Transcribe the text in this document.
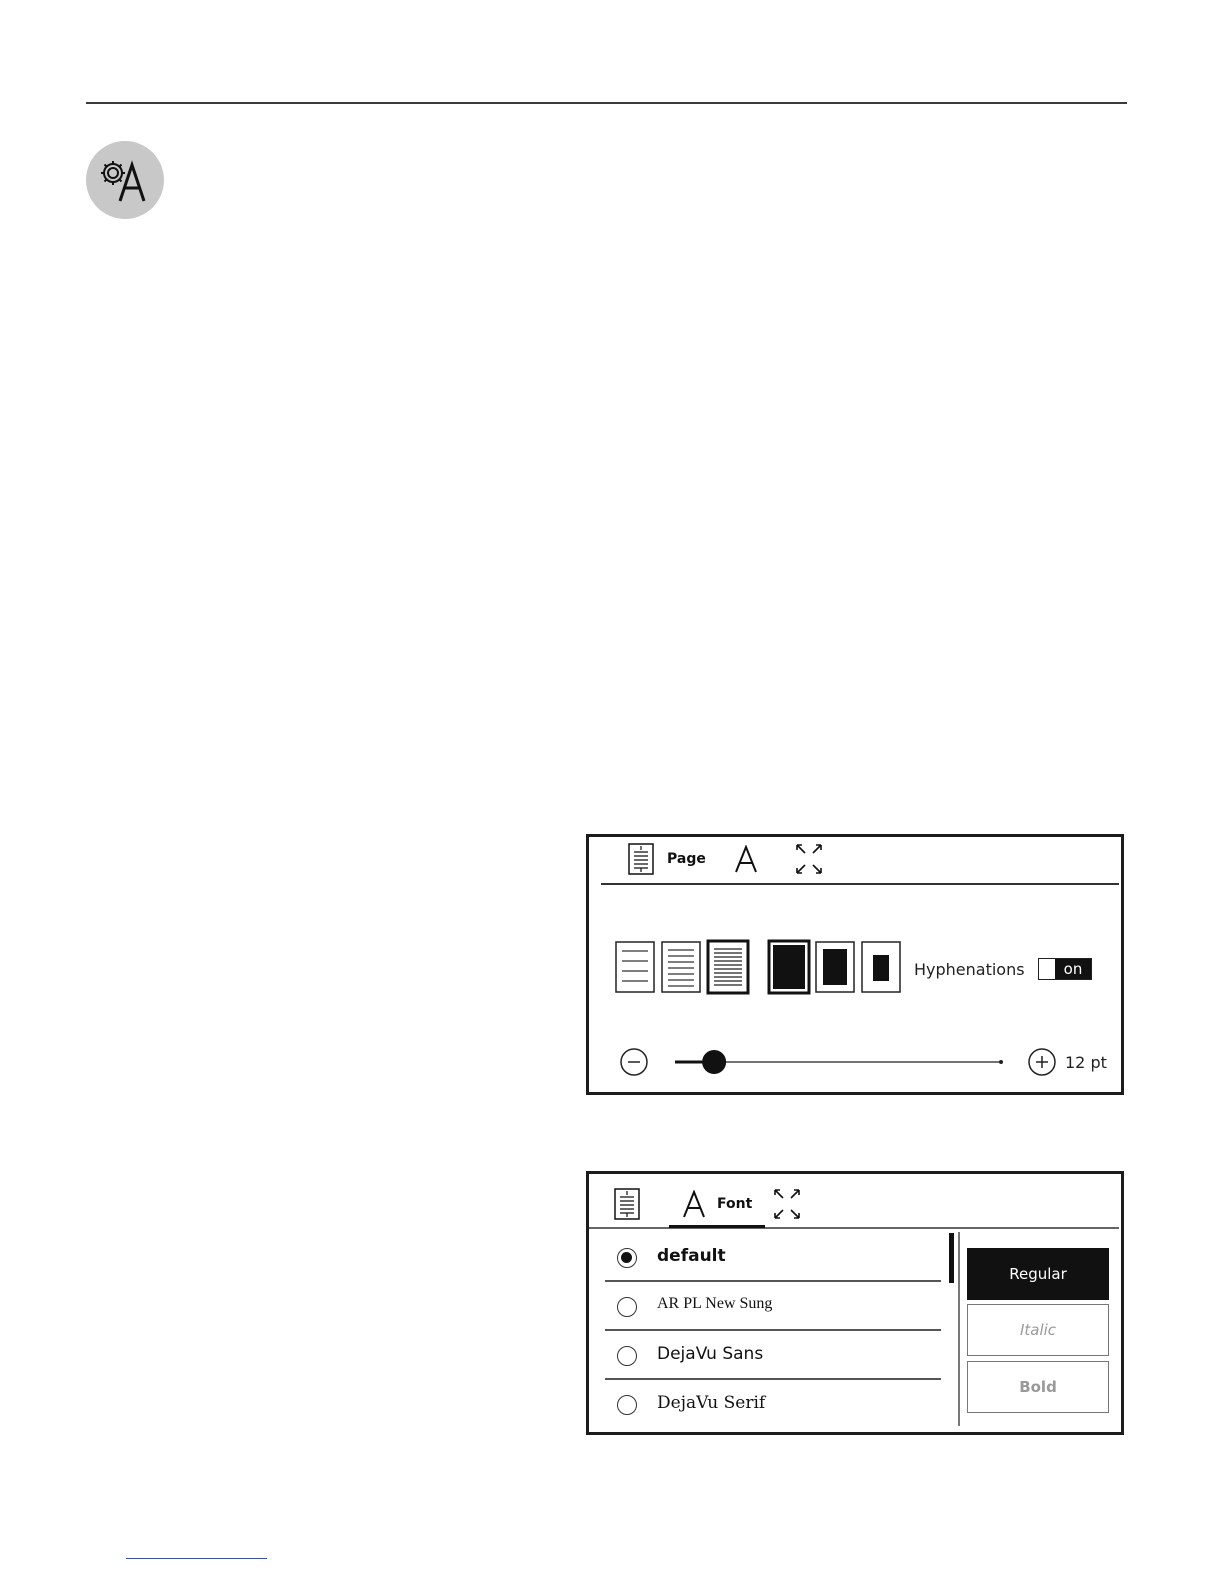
Page
Hyphenations	on
12 pt
Font
default
AR PL New Sung
DejaVu Sans
DejaVu Serif
Regular
Italic
Bold
